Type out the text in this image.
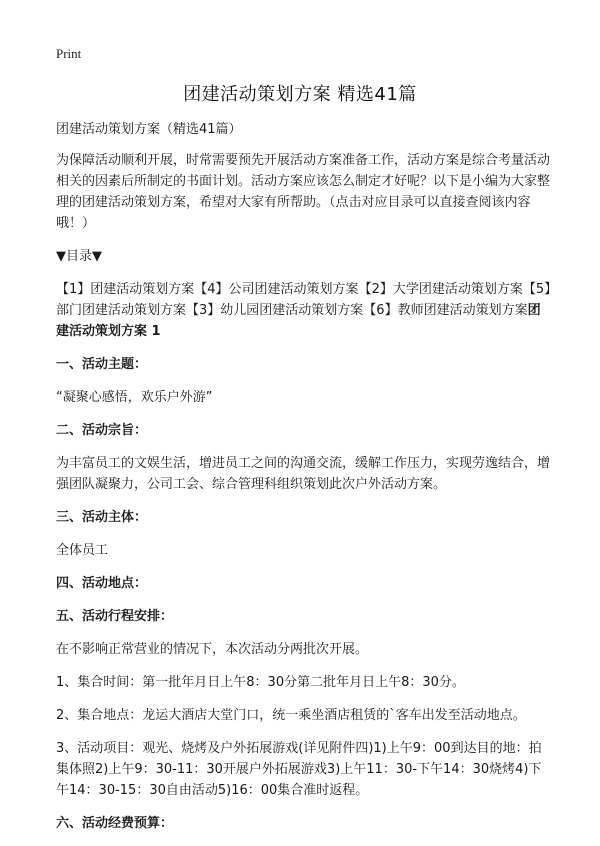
Print
团建活动策划方案 精选41篇

团建活动策划方案（精选41篇）

为保障活动顺利开展，时常需要预先开展活动方案准备工作，活动方案是综合考量活动相关的因素后所制定的书面计划。活动方案应该怎么制定才好呢？以下是小编为大家整理的团建活动策划方案，希望对大家有所帮助。（点击对应目录可以直接查阅该内容哦！）

▼目录▼

【1】团建活动策划方案【4】公司团建活动策划方案【2】大学团建活动策划方案【5】部门团建活动策划方案【3】幼儿园团建活动策划方案【6】教师团建活动策划方案团建活动策划方案 1

一、活动主题：

“凝聚心感悟，欢乐户外游”

二、活动宗旨：

为丰富员工的文娱生活，增进员工之间的沟通交流，缓解工作压力，实现劳逸结合，增强团队凝聚力，公司工会、综合管理科组织策划此次户外活动方案。

三、活动主体：

全体员工

四、活动地点：

五、活动行程安排：

在不影响正常营业的情况下，本次活动分两批次开展。

1、集合时间：第一批年月日上午8：30分第二批年月日上午8：30分。

2、集合地点：龙运大酒店大堂门口，统一乘坐酒店租赁的`客车出发至活动地点。

3、活动项目：观光、烧烤及户外拓展游戏(详见附件四)1)上午9：00到达目的地：拍集体照2)上午9：30-11：30开展户外拓展游戏3)上午11：30-下午14：30烧烤4)下午14：30-15：30自由活动5)16：00集合准时返程。

六、活动经费预算：
